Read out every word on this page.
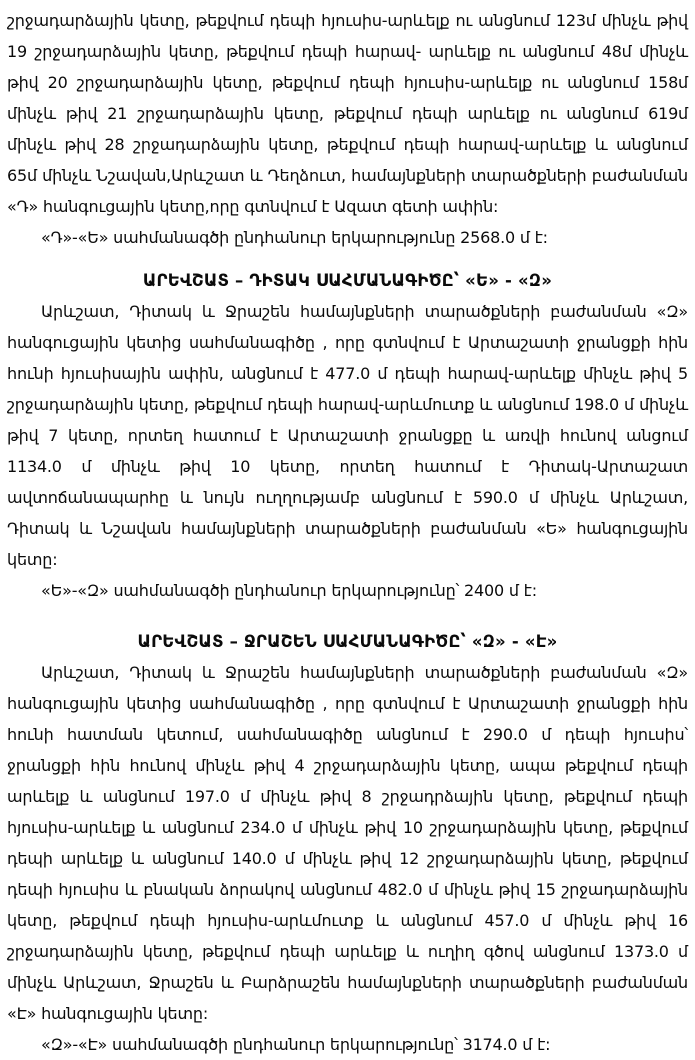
շրջադարձային կետը, թեքվում դեպի հյուսիս-արևելք ու անցնում 123մ մինչև թիվ 19 շրջադարձային կետը, թեքվում դեպի հարավ- արևելք ու անցնում 48մ մինչև թիվ 20 շրջադարձային կետը, թեքվում դեպի հյուսիս-արևելք ու անցնում 158մ մինչև թիվ 21 շրջադարձային կետը, թեքվում դեպի արևելք ու անցնում 619մ մինչև թիվ 28 շրջադարձային կետը, թեքվում դեպի հարավ-արևելք և անցնում 65մ մինչև Նշավան,Արևշատ և Դեղձուտ, համայնքների տարածքների բաժանման «Դ» հանգուցային կետը,որը գտնվում է Ազատ գետի ափին:

«Դ»-«Ե» սահմանագծի ընդհանուր երկարությունը 2568.0 մ է:

ԱՐԵՎՇԱՏ – ԴԻՏԱԿ ՍԱՀՄԱՆԱԳԻԾԸ՝ «Ե» - «Զ»

Արևշատ, Դիտակ և Ջրաշեն համայնքների տարածքների բաժանման «Զ» հանգուցային կետից սահմանագիծը , որը գտնվում է Արտաշատի ջրանցքի հին հունի հյուսիսային ափին, անցնում է 477.0 մ դեպի հարավ-արևելք մինչև թիվ 5 շրջադարձային կետը, թեքվում դեպի հարավ-արևմուտք և անցնում 198.0 մ մինչև թիվ 7 կետը, որտեղ հատում է Արտաշատի ջրանցքը և առվի հունով անցում 1134.0 մ մինչև թիվ 10 կետը, որտեղ հատում է Դիտակ-Արտաշատ ավտոճանապարհը և նույն ուղղությամբ անցնում է 590.0 մ մինչև Արևշատ, Դիտակ և Նշավան համայնքների տարածքների բաժանման «Ե» հանգուցային կետը:

«Ե»-«Զ» սահմանագծի ընդհանուր երկարությունը՝ 2400 մ է:

ԱՐԵՎՇԱՏ – ՋՐԱՇԵՆ ՍԱՀՄԱՆԱԳԻԾԸ՝ «Զ» - «Է»

Արևշատ, Դիտակ և Ջրաշեն համայնքների տարածքների բաժանման «Զ» հանգուցային կետից սահմանագիծը , որը գտնվում է Արտաշատի ջրանցքի հին հունի հատման կետում, սահմանագիծը անցնում է 290.0 մ դեպի հյուսիս՝ ջրանցքի հին հունով մինչև թիվ 4 շրջադարձային կետը, ապա թեքվում դեպի արևելք և անցնում 197.0 մ մինչև թիվ 8 շրջադրձային կետը, թեքվում դեպի հյուսիս-արևելք և անցնում 234.0 մ մինչև թիվ 10 շրջադարձային կետը, թեքվում դեպի արևելք և անցնում 140.0 մ մինչև թիվ 12 շրջադարձային կետը, թեքվում դեպի հյուսիս և բնական ձորակով անցնում 482.0 մ մինչև թիվ 15 շրջադարձային կետը, թեքվում դեպի հյուսիս-արևմուտք և անցնում 457.0 մ մինչև թիվ 16 շրջադարձային կետը, թեքվում դեպի արևելք և ուղիղ գծով անցնում 1373.0 մ մինչև Արևշատ, Ջրաշեն և Բարձրաշեն համայնքների տարածքների բաժանման «Է» հանգուցային կետը:

«Զ»-«Է» սահմանագծի ընդհանուր երկարությունը՝ 3174.0 մ է:
